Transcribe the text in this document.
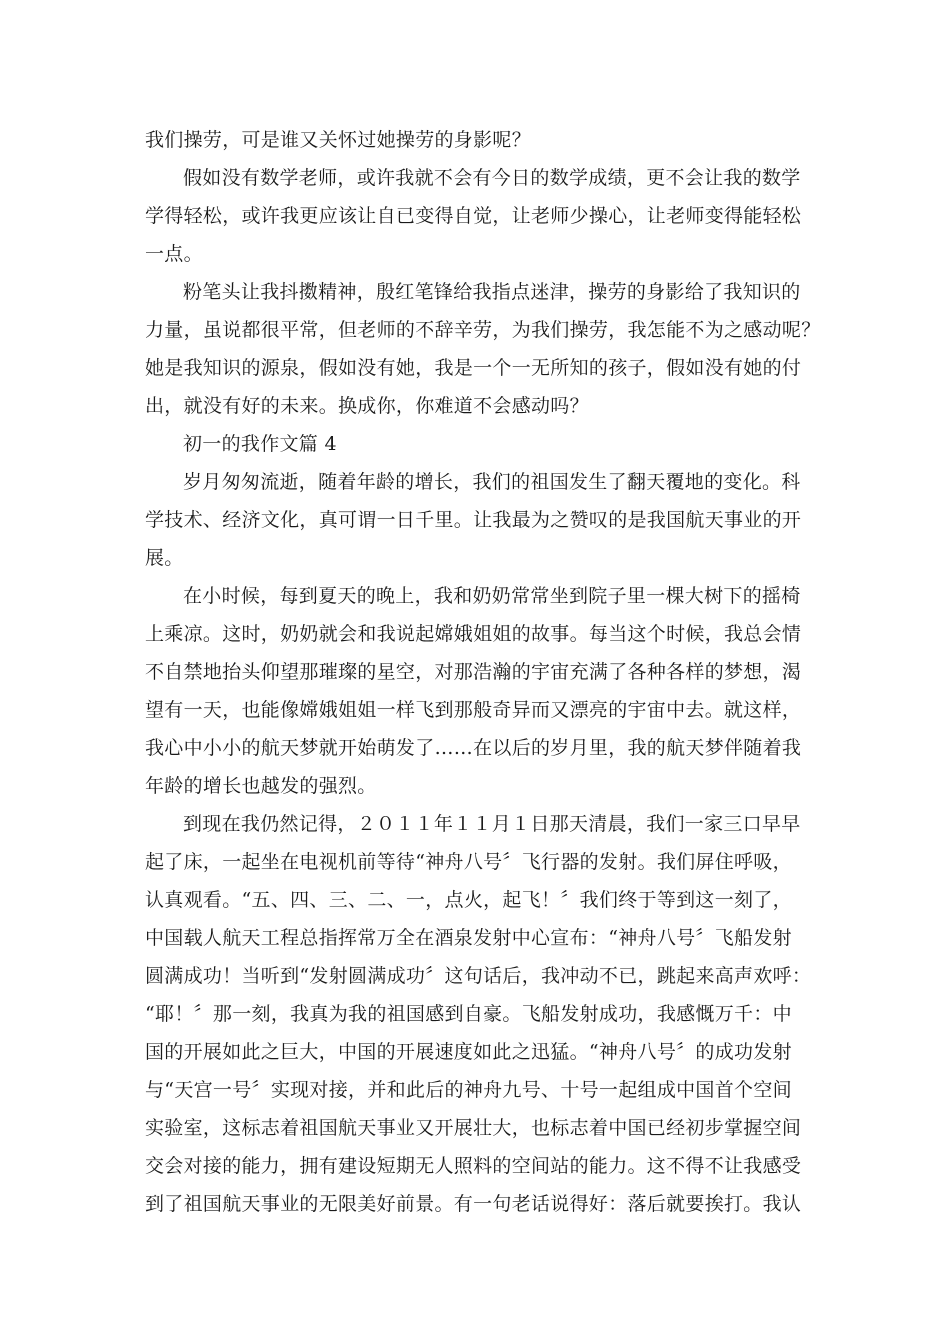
我们操劳，可是谁又关怀过她操劳的身影呢？
假如没有数学老师，或许我就不会有今日的数学成绩，更不会让我的数学
学得轻松，或许我更应该让自已变得自觉，让老师少操心，让老师变得能轻松
一点。
粉笔头让我抖擞精神，殷红笔锋给我指点迷津，操劳的身影给了我知识的
力量，虽说都很平常，但老师的不辞辛劳，为我们操劳，我怎能不为之感动呢？
她是我知识的源泉，假如没有她，我是一个一无所知的孩子，假如没有她的付
出，就没有好的未来。换成你，你难道不会感动吗？
初一的我作文篇 4
岁月匆匆流逝，随着年龄的增长，我们的祖国发生了翻天覆地的变化。科
学技术、经济文化，真可谓一日千里。让我最为之赞叹的是我国航天事业的开
展。
在小时候，每到夏天的晚上，我和奶奶常常坐到院子里一棵大树下的摇椅
上乘凉。这时，奶奶就会和我说起嫦娥姐姐的故事。每当这个时候，我总会情
不自禁地抬头仰望那璀璨的星空，对那浩瀚的宇宙充满了各种各样的梦想，渴
望有一天，也能像嫦娥姐姐一样飞到那般奇异而又漂亮的宇宙中去。就这样，
我心中小小的航天梦就开始萌发了……在以后的岁月里，我的航天梦伴随着我
年龄的增长也越发的强烈。
到现在我仍然记得，２０１１年１１月１日那天清晨，我们一家三口早早
起了床，一起坐在电视机前等待“神舟八号〞飞行器的发射。我们屏住呼吸，
认真观看。“五、四、三、二、一，点火，起飞！〞我们终于等到这一刻了，
中国载人航天工程总指挥常万全在酒泉发射中心宣布：“神舟八号〞飞船发射
圆满成功！当听到“发射圆满成功〞这句话后，我冲动不已，跳起来高声欢呼：
“耶！〞那一刻，我真为我的祖国感到自豪。飞船发射成功，我感慨万千：中
国的开展如此之巨大，中国的开展速度如此之迅猛。“神舟八号〞的成功发射
与“天宫一号〞实现对接，并和此后的神舟九号、十号一起组成中国首个空间
实验室，这标志着祖国航天事业又开展壮大，也标志着中国已经初步掌握空间
交会对接的能力，拥有建设短期无人照料的空间站的能力。这不得不让我感受
到了祖国航天事业的无限美好前景。有一句老话说得好：落后就要挨打。我认
